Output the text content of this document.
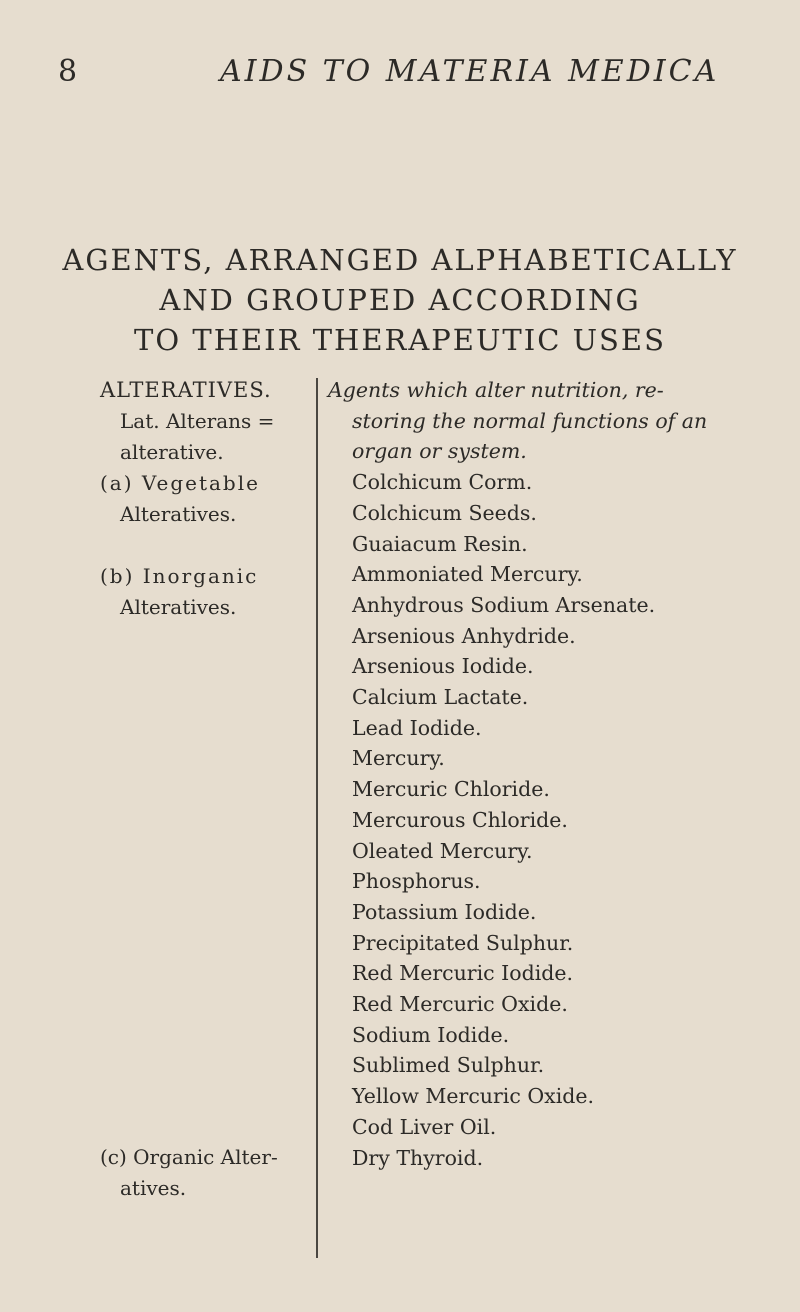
8	AIDS TO MATERIA MEDICA
AGENTS, ARRANGED ALPHABETICALLY
AND GROUPED ACCORDING
TO THEIR THERAPEUTIC USES
ALTERATIVES.
Lat. Alterans =
alterative.
(a) Vegetable
Alteratives.
(b) Inorganic
Alteratives.
(c) Organic Alter-
atives.
Agents which alter nutrition, re-
storing the normal functions of an
organ or system.
Colchicum Corm.
Colchicum Seeds.
Guaiacum Resin.
Ammoniated Mercury.
Anhydrous Sodium Arsenate.
Arsenious Anhydride.
Arsenious Iodide.
Calcium Lactate.
Lead Iodide.
Mercury.
Mercuric Chloride.
Mercurous Chloride.
Oleated Mercury.
Phosphorus.
Potassium Iodide.
Precipitated Sulphur.
Red Mercuric Iodide.
Red Mercuric Oxide.
Sodium Iodide.
Sublimed Sulphur.
Yellow Mercuric Oxide.
Cod Liver Oil.
Dry Thyroid.
